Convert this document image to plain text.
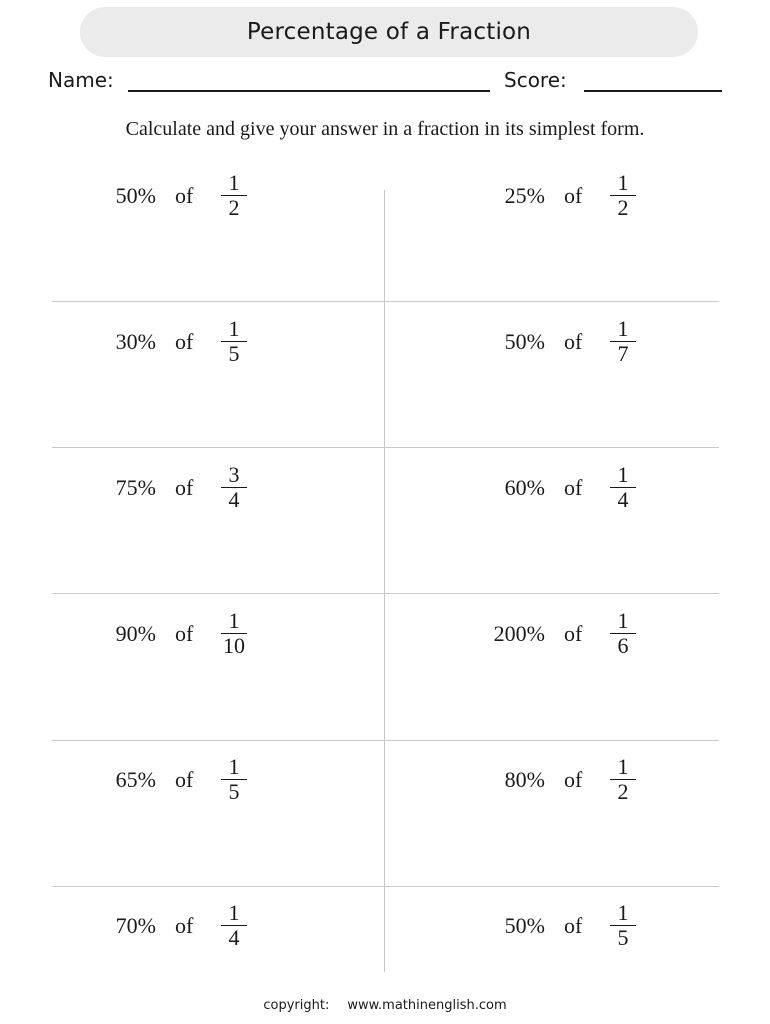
Percentage of a Fraction
Name:	Score:
Calculate and give your answer in a fraction in its simplest form.
50% of
1
2	25% of
1
2
30% of
1
5	50% of
1
7
75% of
3
4	60% of
1
4
90% of
1
10	200% of
1
6
65% of
1
5	80% of
1
2
70% of
1
4	50% of
1
5
copyright: www.mathinenglish.com
